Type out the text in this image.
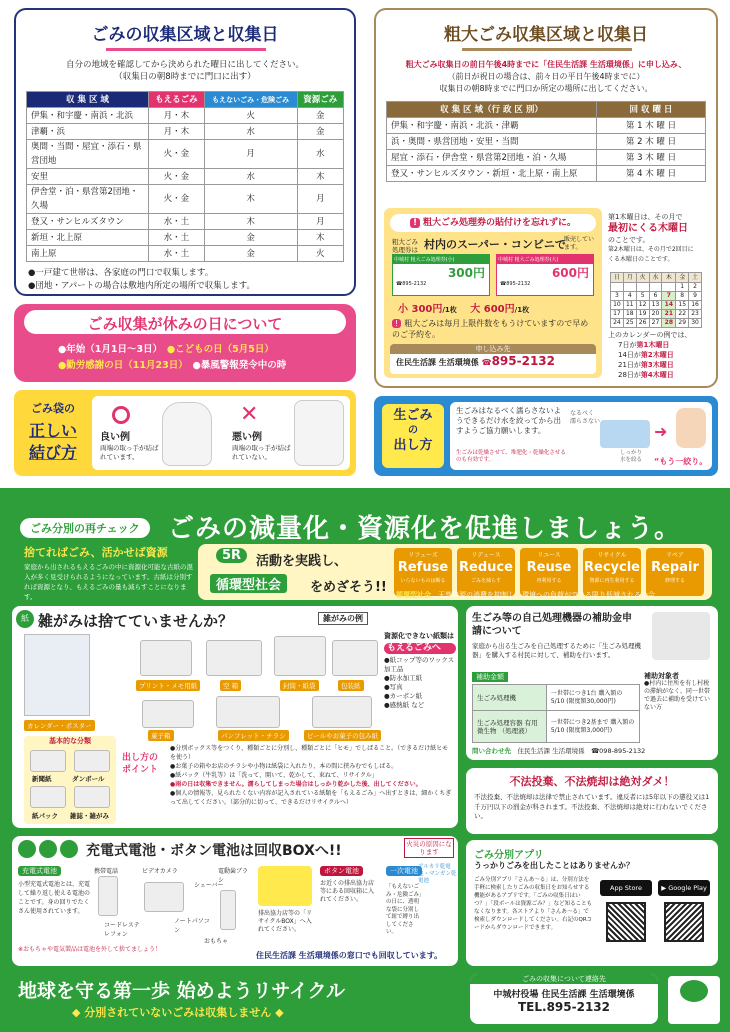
ごみの収集区域と収集日
自分の地域を確認してから決められた曜日に出してください。
（収集日の朝8時までに門口に出す）
収 集 区 域	もえるごみ	もえないごみ・危険ごみ	資源ごみ
伊集・和宇慶・南浜・北浜	月・木	火	金
津覇・浜	月・木	水	金
奥間・当間・屋宜・添石・県営団地	火・金	月	水
安里	火・金	水	木
伊舎堂・泊・県営第2団地・久場	火・金	木	月
登又・サンヒルズタウン	水・土	木	月
新垣・北上原	水・土	金	木
南上原	水・土	金	火
●一戸建て世帯は、各家庭の門口で収集します。
●団地・アパートの場合は敷地内所定の場所で収集します。
ごみ収集が休みの日について
●年始（1月1日～3日）　 ●こどもの日（5月5日）
●勤労感謝の日（11月23日）　 ●暴風警報発令中の時
ごみ袋の
正しい
結び方
良い例
両端の取っ手が結ばれています。
✕
悪い例
両端の取っ手が結ばれていない。
粗大ごみ収集区域と収集日
粗大ごみ収集日の前日午後4時までに「住民生活課 生活環境係」に申し込み、
（前日が祝日の場合は、前々日の平日午後4時までに）
収集日の朝8時までに門口か所定の場所に出してください。
収 集 区 域（行 政 区 別）	回 収 曜 日
伊集・和宇慶・南浜・北浜・津覇	第 1 木 曜 日
浜・奥間・県営団地・安里・当間	第 2 木 曜 日
屋宜・添石・伊舎堂・県営第2団地・泊・久場	第 3 木 曜 日
登又・サンヒルズタウン・新垣・北上原・南上原	第 4 木 曜 日
! 粗大ごみ処理券の貼付けを忘れずに。
粗大ごみ
処理券は 村内のスーパー・コンビニで
販売しています。
中城村 粗大ごみ処理券(小)
300円
☎895-2132
中城村 粗大ごみ処理券(大)
600円
☎895-2132
小 300円/1枚　 大 600円/1枚
! 粗大ごみは毎月上限件数をもうけていますので早めのご予約を。
申し込み先
住民生活課 生活環境係 ☎895-2132
第1木曜日は、その月で
最初にくる木曜日
のことです。
第2木曜日は、その月で2回目に
くる木曜日のことです。
日	月	火	水	木	金	土
					1	2
3	4	5	6	7	8	9
10	11	12	13	14	15	16
17	18	19	20	21	22	23
24	25	26	27	28	29	30
上のカレンダーの例では、
7日が第1木曜日
14日が第2木曜日
21日が第3木曜日
28日が第4木曜日
生ごみ
の
出し方
生ごみはなるべく濡らさないようできるだけ水を絞ってから出すようご協力願いします。
生ごみは乾燥させて、堆肥化・乾燥化させるのも有効です。
なるべく
濡らさない
➜
しっかり
水を絞る “もう一絞り。
ごみ分別の再チェック	ごみの減量化・資源化を促進しましょう。
捨てればごみ、活かせば資源
家庭から出されるもえるごみの中に資源化可能な古紙の混入が多く見受けられるようになっています。古紙は分別すれば資源となり、もえるごみの量も減らすことになります。
5R	活動を実践し、
循環型社会	をめざそう!!
リフューズ
Refuse
いらないものは断る
リデュース
Reduce
ごみを減らす
リユース
Reuse
再利用する
リサイクル
Recycle
資源に再生利用する
リペア
Repair
修理する
循環型社会…天然資源の消費を抑制し、環境への負荷ができる限り低減される社会
紙 雑がみは捨てていませんか？	雑がみの例
カレンダー・ポスター
プリント・メモ用紙	空 箱	封筒・紙袋	包装紙
菓子箱	パンフレット・チラシ	ビールやお菓子の包み紙
資源化できない紙類は
もえるごみへ
●紙コップ等のワックス加工品
●防水加工紙
●写真
●カーボン紙
●感熱紙 など
基本的な分類
新聞紙	ダンボール
紙パック 雑誌・雑がみ
出し方のポイント
●分別ボックス等をつくり、種類ごとに分別し、種類ごとに「ヒモ」でしばること。（できるだけ紙ヒモを使う）
●お菓子の箱やお店のチラシや小物は紙袋に入れたり、本の間に挟みむでもしばる。
●紙パック（牛乳等）は「洗って、開いて、乾かして、束ねて、リサイクル」
●雨の日は収集できません。濡らしてしまった場合はしっかり乾かした後、出してください。
●個人の情報等、見られたくない内容が記入されている紙類を「もえるごみ」へ出すときは、細かくちぎって出してください。（部分的に切って、できるだけリサイクルへ）
生ごみ等の自己処理機器の補助金申請について
家庭から出る生ごみを自己処理するために「生ごみ処理機器」を購入する村民に対して、補助を行います。
補助金額
生ごみ処理機	一世帯につき1台 購入額の5/10 (限度額30,000円)
生ごみ処理容器 有用微生物 （処理液）	一世帯につき2基まで 購入額の5/10 (限度額3,000円)
補助対象者
●村内に住所を有し村税の滞納がなく、同一世帯で過去に補助を受けていない方
問い合わせ先　 住民生活課 生活環境係　 ☎098-895-2132
不法投棄、不法焼却は絶対ダメ！
不法投棄、不法焼却は法律で禁止されています。違反者には5年以下の懲役又は1千万円以下の罰金が科されます。不法投棄、不法焼却は絶対に行わないでください。

充電式電池・ボタン電池は回収BOXへ!!	火災の原因になります
充電式電池
小型充電式電池とは、充電して繰り返し使える電池のことです。身の回りでたくさん使用されています。
携帯電話	ビデオカメラ	電動歯ブラシ
シェーバー
コードレステレフォン
ノートパソコン
おもちゃ
※おもちゃや電気製品は電池を外して捨てましょう！
排出協力店等の「リサイクルBOX」へ入れてください。
ボタン電池
お近くの排出協力店等にある回収箱に入れてください。
一次電池 アルカリ乾電池・マンガン乾電池
「もえないごみ・危険ごみ」の日に、透明な袋に分別して紐で縛り出してください。
住民生活課 生活環境係の窓口でも回収しています。
ごみ分別アプリ
うっかりごみを出したことはありませんか？
ごみ分別アプリ「さんあ～る」は、分別方法を手軽に検索したりごみの収集日をお知らせする機能があるアプリです。「ごみの収集日はいつ？」「段ボールは資源ごみ？」など知ることもなくなります。各ストアより「さんあ～る」で検索しダウンロードしてください。右記のQRコードからダウンロードできます。
App Store	▶ Google Play
地球を守る第一歩 始めようリサイクル
◆ 分別されていないごみは収集しません ◆
ごみの収集について連絡先
中城村役場 住民生活課 生活環境係
TEL.895-2132
